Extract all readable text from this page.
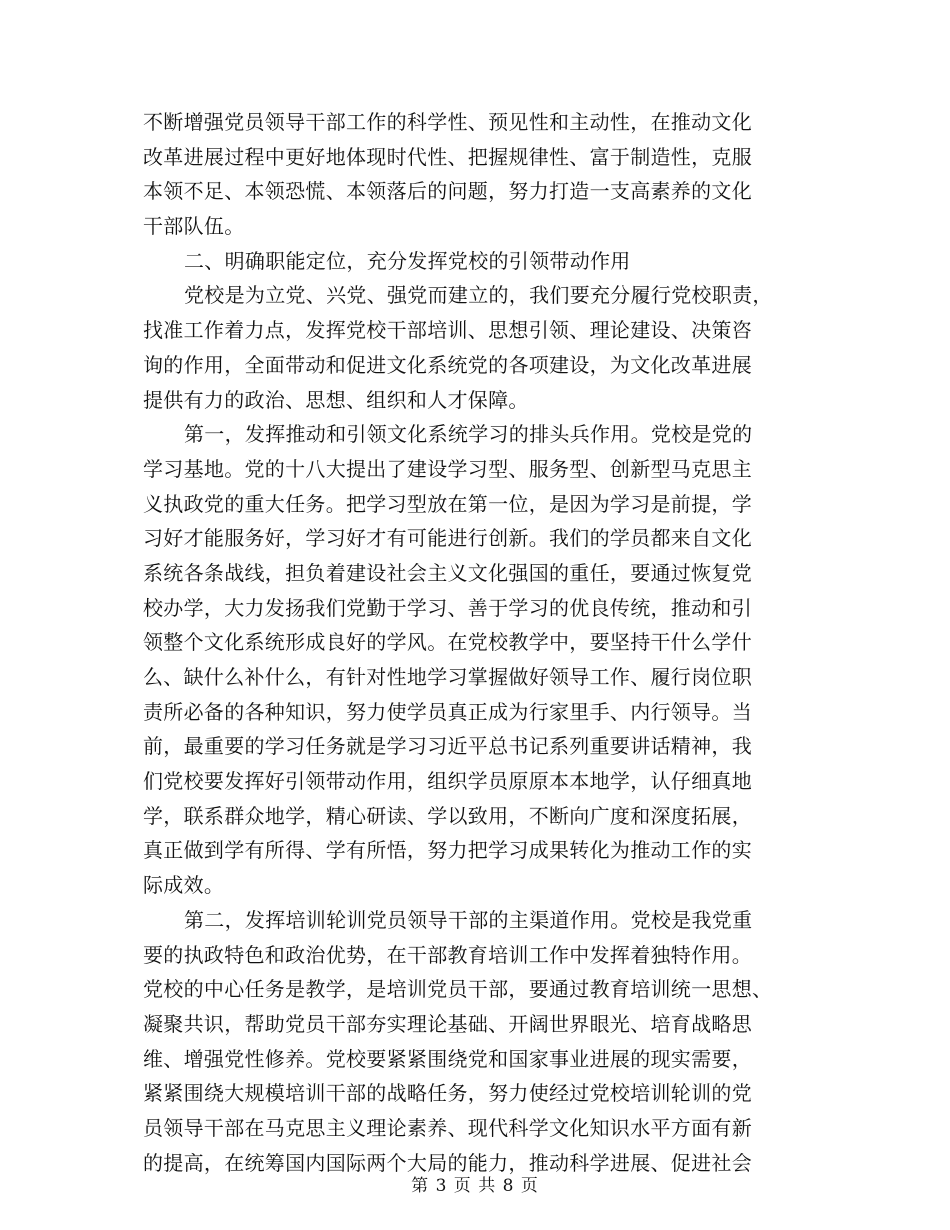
不断增强党员领导干部工作的科学性、预见性和主动性，在推动文化
改革进展过程中更好地体现时代性、把握规律性、富于制造性，克服
本领不足、本领恐慌、本领落后的问题，努力打造一支高素养的文化
干部队伍。
二、明确职能定位，充分发挥党校的引领带动作用
党校是为立党、兴党、强党而建立的，我们要充分履行党校职责，
找准工作着力点，发挥党校干部培训、思想引领、理论建设、决策咨
询的作用，全面带动和促进文化系统党的各项建设，为文化改革进展
提供有力的政治、思想、组织和人才保障。
第一，发挥推动和引领文化系统学习的排头兵作用。党校是党的
学习基地。党的十八大提出了建设学习型、服务型、创新型马克思主
义执政党的重大任务。把学习型放在第一位，是因为学习是前提，学
习好才能服务好，学习好才有可能进行创新。我们的学员都来自文化
系统各条战线，担负着建设社会主义文化强国的重任，要通过恢复党
校办学，大力发扬我们党勤于学习、善于学习的优良传统，推动和引
领整个文化系统形成良好的学风。在党校教学中，要坚持干什么学什
么、缺什么补什么，有针对性地学习掌握做好领导工作、履行岗位职
责所必备的各种知识，努力使学员真正成为行家里手、内行领导。当
前，最重要的学习任务就是学习习近平总书记系列重要讲话精神，我
们党校要发挥好引领带动作用，组织学员原原本本地学，认仔细真地
学，联系群众地学，精心研读、学以致用，不断向广度和深度拓展，
真正做到学有所得、学有所悟，努力把学习成果转化为推动工作的实
际成效。
第二，发挥培训轮训党员领导干部的主渠道作用。党校是我党重
要的执政特色和政治优势，在干部教育培训工作中发挥着独特作用。
党校的中心任务是教学，是培训党员干部，要通过教育培训统一思想、
凝聚共识，帮助党员干部夯实理论基础、开阔世界眼光、培育战略思
维、增强党性修养。党校要紧紧围绕党和国家事业进展的现实需要，
紧紧围绕大规模培训干部的战略任务，努力使经过党校培训轮训的党
员领导干部在马克思主义理论素养、现代科学文化知识水平方面有新
的提高，在统筹国内国际两个大局的能力，推动科学进展、促进社会
第 3 页 共 8 页
